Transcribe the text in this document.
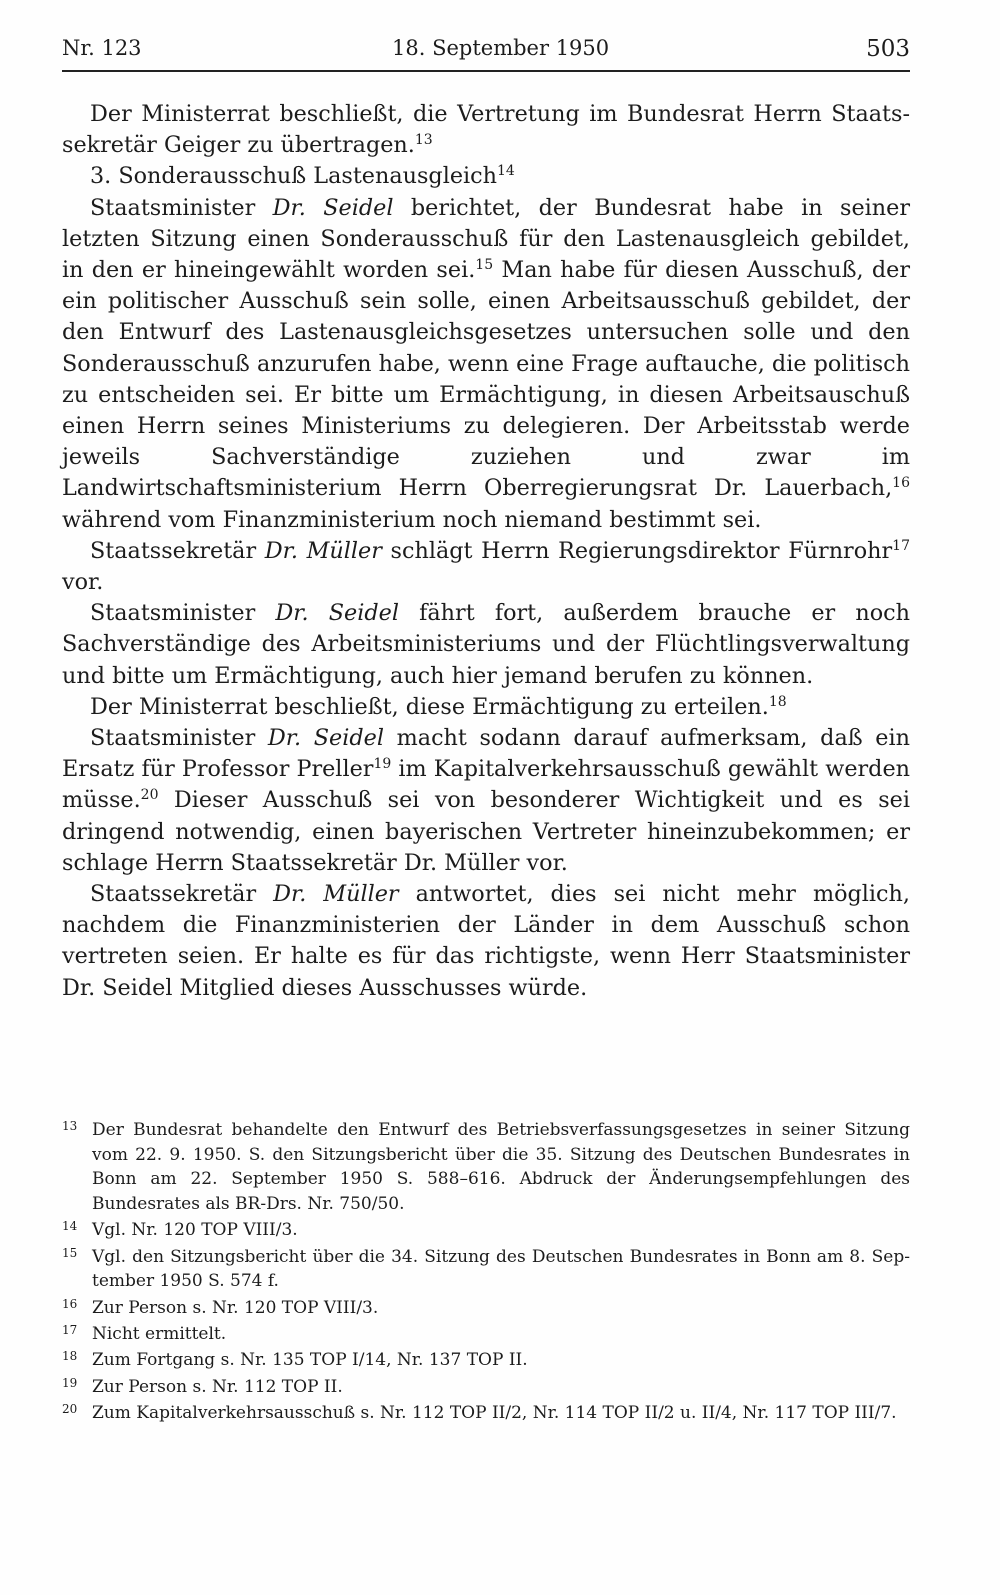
Nr. 123	18. September 1950	503

Der Ministerrat beschließt, die Vertretung im Bundesrat Herrn Staatssekretär Geiger zu übertragen.$^{13}$

3. Sonderausschuß Lastenausgleich$^{14}$

Staatsminister Dr. Seidel berichtet, der Bundesrat habe in seiner letzten Sitzung einen Sonderausschuß für den Lastenausgleich gebildet, in den er hineingewählt worden sei.$^{15}$ Man habe für diesen Ausschuß, der ein politischer Ausschuß sein solle, einen Arbeitsausschuß gebildet, der den Entwurf des Lastenausgleichsgesetzes untersuchen solle und den Sonderausschuß anzurufen habe, wenn eine Frage auftauche, die politisch zu entscheiden sei. Er bitte um Ermächtigung, in diesen Arbeitsauschuß einen Herrn seines Ministeriums zu delegieren. Der Arbeitsstab werde jeweils Sachverständige zuziehen und zwar im Landwirtschaftsministerium Herrn Oberregierungsrat Dr. Lauerbach,$^{16}$ während vom Finanzministerium noch niemand bestimmt sei.

Staatssekretär Dr. Müller schlägt Herrn Regierungsdirektor Fürnrohr$^{17}$ vor.

Staatsminister Dr. Seidel fährt fort, außerdem brauche er noch Sachverständige des Arbeitsministeriums und der Flüchtlingsverwaltung und bitte um Ermächtigung, auch hier jemand berufen zu können.

Der Ministerrat beschließt, diese Ermächtigung zu erteilen.$^{18}$

Staatsminister Dr. Seidel macht sodann darauf aufmerksam, daß ein Ersatz für Professor Preller$^{19}$ im Kapitalverkehrsausschuß gewählt werden müsse.$^{20}$ Dieser Ausschuß sei von besonderer Wichtigkeit und es sei dringend notwendig, einen bayerischen Vertreter hineinzubekommen; er schlage Herrn Staatssekretär Dr. Müller vor.

Staatssekretär Dr. Müller antwortet, dies sei nicht mehr möglich, nachdem die Finanzministerien der Länder in dem Ausschuß schon vertreten seien. Er halte es für das richtigste, wenn Herr Staatsminister Dr. Seidel Mitglied dieses Ausschusses würde.

13 Der Bundesrat behandelte den Entwurf des Betriebsverfassungsgesetzes in seiner Sitzung vom 22. 9. 1950. S. den Sitzungsbericht über die 35. Sitzung des Deutschen Bundesrates in Bonn am 22. September 1950 S. 588–616. Abdruck der Änderungsempfehlungen des Bundesrates als BR-Drs. Nr. 750/50.
14 Vgl. Nr. 120 TOP VIII/3.
15 Vgl. den Sitzungsbericht über die 34. Sitzung des Deutschen Bundesrates in Bonn am 8. September 1950 S. 574 f.
16 Zur Person s. Nr. 120 TOP VIII/3.
17 Nicht ermittelt.
18 Zum Fortgang s. Nr. 135 TOP I/14, Nr. 137 TOP II.
19 Zur Person s. Nr. 112 TOP II.
20 Zum Kapitalverkehrsausschuß s. Nr. 112 TOP II/2, Nr. 114 TOP II/2 u. II/4, Nr. 117 TOP III/7.
